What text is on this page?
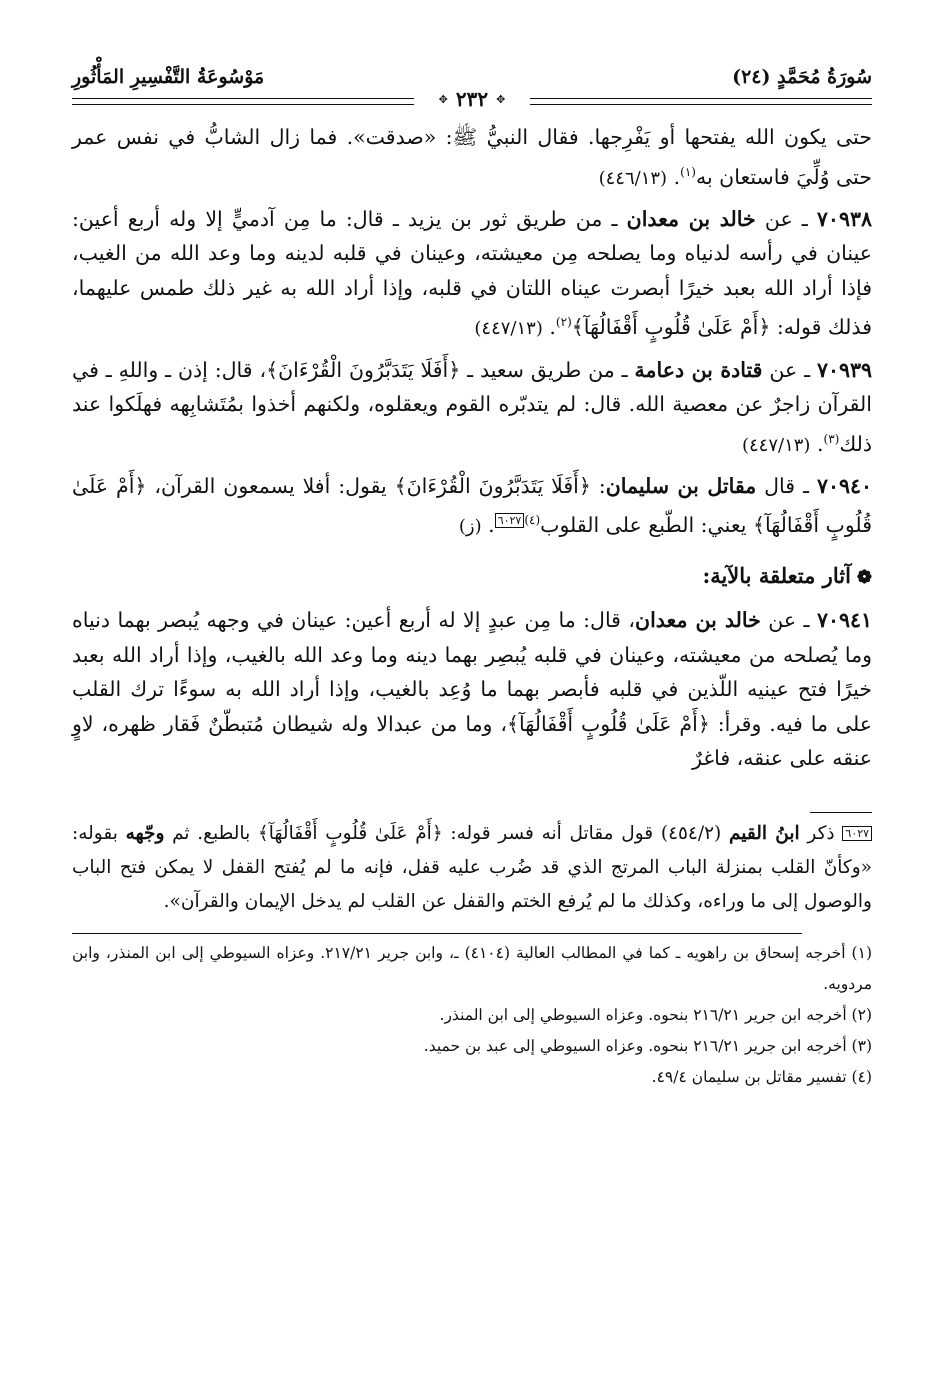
سُورَةُ مُحَمَّدٍ (٢٤)
مَوْسُوعَةُ التَّفْسِيرِ المَأْثُورِ
✥
٢٣٢
✥

حتى يكون الله يفتحها أو يَفْرِجها. فقال النبيُّ ﷺ: «صدقت». فما زال الشابُّ في نفس عمر حتى وُلِّيَ فاستعان به$^{(١)}$. (٤٤٦/١٣)

٧٠٩٣٨ ـ عن خالد بن معدان ـ من طريق ثور بن يزيد ـ قال: ما مِن آدميٍّ إلا وله أربع أعين: عينان في رأسه لدنياه وما يصلحه مِن معيشته، وعينان في قلبه لدينه وما وعد الله من الغيب، فإذا أراد الله بعبد خيرًا أبصرت عيناه اللتان في قلبه، وإذا أراد الله به غير ذلك طمس عليهما، فذلك قوله: ﴿أَمْ عَلَىٰ قُلُوبٍ أَقْفَالُهَآ﴾$^{(٢)}$. (٤٤٧/١٣)

٧٠٩٣٩ ـ عن قتادة بن دعامة ـ من طريق سعيد ـ ﴿أَفَلَا يَتَدَبَّرُونَ الْقُرْءَانَ﴾، قال: إذن ـ واللهِ ـ في القرآن زاجرٌ عن معصية الله. قال: لم يتدبّره القوم ويعقلوه، ولكنهم أخذوا بمُتَشابِهه فهلَكوا عند ذلك$^{(٣)}$. (٤٤٧/١٣)

٧٠٩٤٠ ـ قال مقاتل بن سليمان: ﴿أَفَلَا يَتَدَبَّرُونَ الْقُرْءَانَ﴾ يقول: أفلا يسمعون القرآن، ﴿أَمْ عَلَىٰ قُلُوبٍ أَقْفَالُهَآ﴾ يعني: الطّبع على القلوب$^{(٤)٦٠٢٧}$. (ز)

❁آثار متعلقة بالآية:

٧٠٩٤١ ـ عن خالد بن معدان، قال: ما مِن عبدٍ إلا له أربع أعين: عينان في وجهه يُبصر بهما دنياه وما يُصلحه من معيشته، وعينان في قلبه يُبصِر بهما دينه وما وعد الله بالغيب، وإذا أراد الله بعبد خيرًا فتح عينيه اللّذين في قلبه فأبصر بهما ما وُعِد بالغيب، وإذا أراد الله به سوءًا ترك القلب على ما فيه. وقرأ: ﴿أَمْ عَلَىٰ قُلُوبٍ أَقْفَالُهَآ﴾، وما من عبدالا وله شيطان مُتبطّنٌ فَقار ظهره، لاوٍ عنقه على عنقه، فاغرٌ

٦٠٢٧ ذكر ابنُ القيم (٤٥٤/٢) قول مقاتل أنه فسر قوله: ﴿أَمْ عَلَىٰ قُلُوبٍ أَقْفَالُهَآ﴾ بالطبع. ثم وجّهه بقوله: «وكأنّ القلب بمنزلة الباب المرتج الذي قد ضُرب عليه قفل، فإنه ما لم يُفتح القفل لا يمكن فتح الباب والوصول إلى ما وراءه، وكذلك ما لم يُرفع الختم والقفل عن القلب لم يدخل الإيمان والقرآن».
(١) أخرجه إسحاق بن راهويه ـ كما في المطالب العالية (٤١٠٤) ـ، وابن جرير ٢١٧/٢١. وعزاه السيوطي إلى ابن المنذر، وابن مردويه.
(٢) أخرجه ابن جرير ٢١٦/٢١ بنحوه. وعزاه السيوطي إلى ابن المنذر.
(٣) أخرجه ابن جرير ٢١٦/٢١ بنحوه. وعزاه السيوطي إلى عبد بن حميد.
(٤) تفسير مقاتل بن سليمان ٤٩/٤.
